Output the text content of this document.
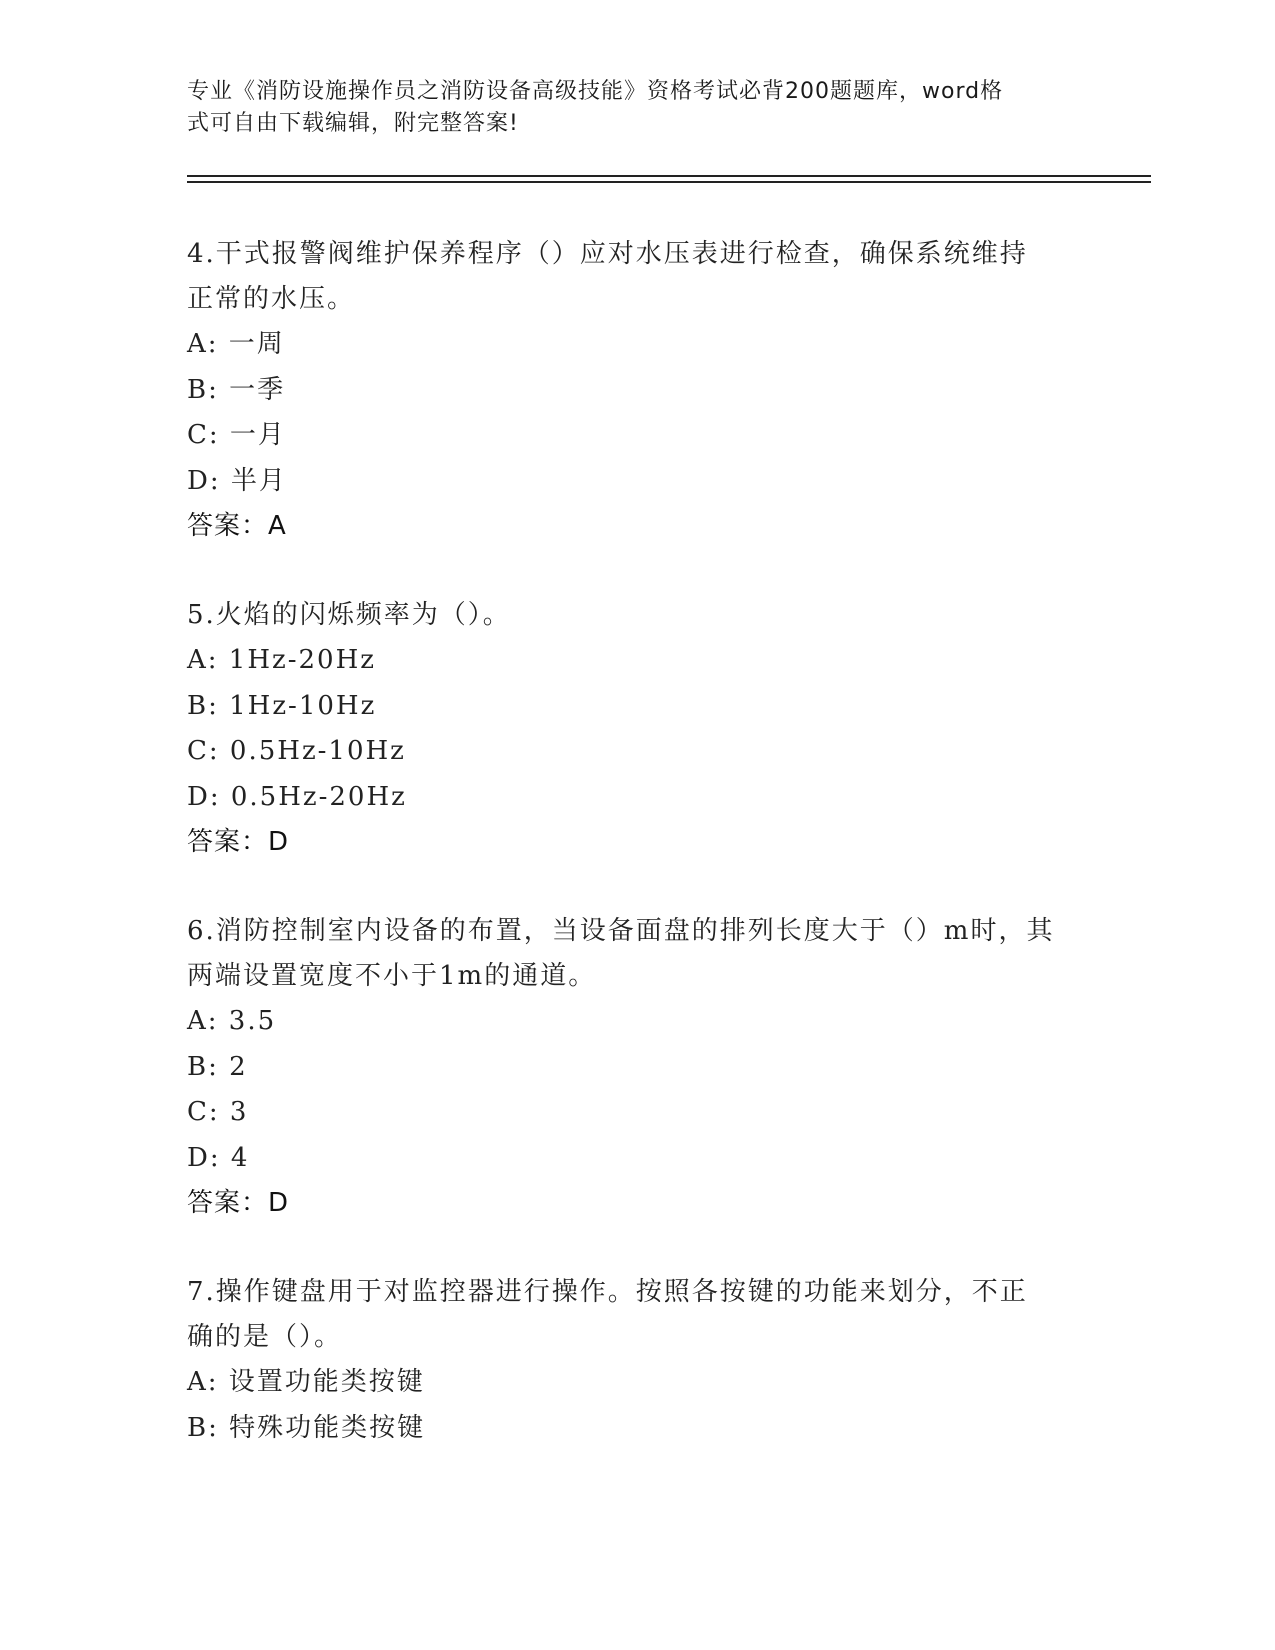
专业《消防设施操作员之消防设备高级技能》资格考试必背200题题库，word格
式可自由下载编辑，附完整答案!
4.干式报警阀维护保养程序（）应对水压表进行检查，确保系统维持
正常的水压。
A: 一周
B: 一季
C: 一月
D: 半月
答案：A
5.火焰的闪烁频率为（）。
A: 1Hz-20Hz
B: 1Hz-10Hz
C: 0.5Hz-10Hz
D: 0.5Hz-20Hz
答案：D
6.消防控制室内设备的布置，当设备面盘的排列长度大于（）m时，其
两端设置宽度不小于1m的通道。
A: 3.5
B: 2
C: 3
D: 4
答案：D
7.操作键盘用于对监控器进行操作。按照各按键的功能来划分，不正
确的是（）。
A: 设置功能类按键
B: 特殊功能类按键
